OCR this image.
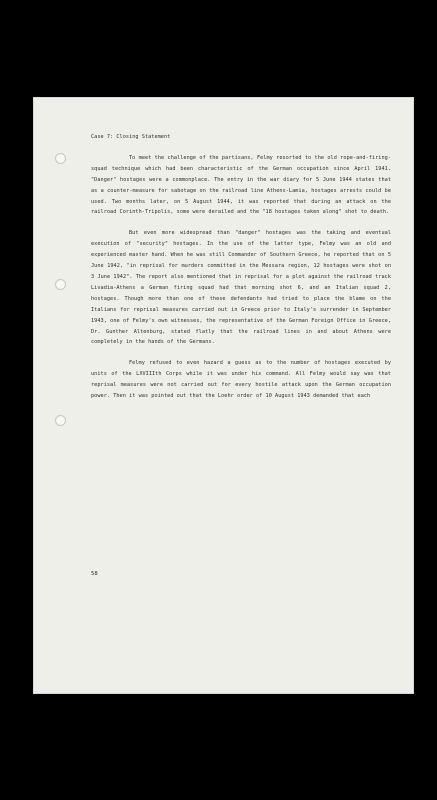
Case 7: Closing Statement

To meet the challenge of the partisans, Felmy resorted to the old rope-and-firing-squad technique which had been characteristic of the German occupation since April 1941. "Danger" hostages were a commonplace. The entry in the war diary for 5 June 1944 states that as a counter-measure for sabotage on the railroad line Athens-Lamia, hostages arrests could be used. Two months later, on 5 August 1944, it was reported that during an attack on the railroad Corinth-Tripolis, some were derailed and the "18 hostages taken along" shot to death.

But even more widespread than "danger" hostages was the taking and eventual execution of "security" hostages. In the use of the latter type, Felmy was an old and experienced master hand. When he was still Commander of Southern Greece, he reported that on 5 June 1942, "in reprisal for murders committed in the Messara region, 12 hostages were shot on 3 June 1942". The report also mentioned that in reprisal for a plot against the railroad track Livadia-Athens a German firing squad had that morning shot 6, and an Italian squad 2, hostages. Though more than one of these defendants had tried to place the blame on the Italians for reprisal measures carried out in Greece prior to Italy's surrender in September 1943, one of Felmy's own witnesses, the representative of the German Foreign Office in Greece, Dr. Gunther Altenburg, stated flatly that the railroad lines in and about Athens were completely in the hands of the Germans.

Felmy refused to even hazard a guess as to the number of hostages executed by units of the LXVIIIth Corps while it was under his command. All Felmy would say was that reprisal measures were not carried out for every hostile attack upon the German occupation power. Then it was pointed out that the Loehr order of 10 August 1943 demanded that each

58
